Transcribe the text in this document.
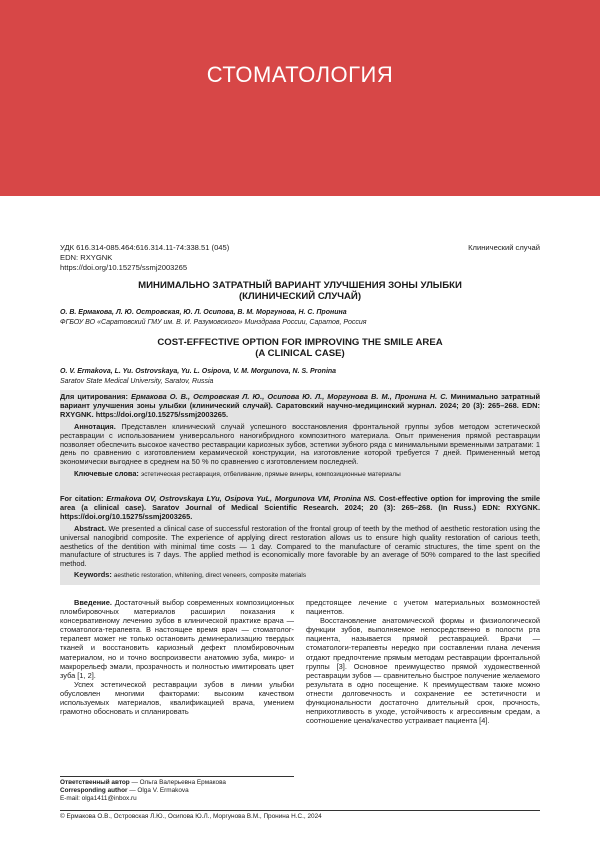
СТОМАТОЛОГИЯ
УДК 616.314-085.464:616.314.11-74:338.51 (045)
EDN: RXYGNK
https://doi.org/10.15275/ssmj2003265
Клинический случай
МИНИМАЛЬНО ЗАТРАТНЫЙ ВАРИАНТ УЛУЧШЕНИЯ ЗОНЫ УЛЫБКИ
(КЛИНИЧЕСКИЙ СЛУЧАЙ)
О. В. Ермакова, Л. Ю. Островская, Ю. Л. Осипова, В. М. Моргунова, Н. С. Пронина
ФГБОУ ВО «Саратовский ГМУ им. В. И. Разумовского» Минздрава России, Саратов, Россия
COST-EFFECTIVE OPTION FOR IMPROVING THE SMILE AREA
(A CLINICAL CASE)
O. V. Ermakova, L. Yu. Ostrovskaya, Yu. L. Osipova, V. M. Morgunova, N. S. Pronina
Saratov State Medical University, Saratov, Russia

Для цитирования: Ермакова О. В., Островская Л. Ю., Осипова Ю. Л., Моргунова В. М., Пронина Н. С. Минимально затратный вариант улучшения зоны улыбки (клинический случай). Саратовский научно-медицинский журнал. 2024; 20 (3): 265–268. EDN: RXYGNK. https://doi.org/10.15275/ssmj2003265.

Аннотация. Представлен клинический случай успешного восстановления фронтальной группы зубов методом эстетической реставрации с использованием универсального наногибридного композитного материала. Опыт применения прямой реставрации позволяет обеспечить высокое качество реставрации кариозных зубов, эстетики зубного ряда с минимальными временными затратами: 1 день по сравнению с изготовлением керамической конструкции, на изготовление которой требуется 7 дней. Примененный метод экономически выгоднее в среднем на 50 % по сравнению с изготовлением последней.

Ключевые слова: эстетическая реставрация, отбеливание, прямые виниры, композиционные материалы

For citation: Ermakova OV, Ostrovskaya LYu, Osipova YuL, Morgunova VM, Pronina NS. Cost-effective option for improving the smile area (a clinical case). Saratov Journal of Medical Scientific Research. 2024; 20 (3): 265–268. (In Russ.) EDN: RXYGNK. https://doi.org/10.15275/ssmj2003265.

Abstract. We presented a clinical case of successful restoration of the frontal group of teeth by the method of aesthetic restoration using the universal nanogibrid composite. The experience of applying direct restoration allows us to ensure high quality restoration of carious teeth, aesthetics of the dentition with minimal time costs — 1 day. Compared to the manufacture of ceramic structures, the time spent on the manufacture of structures is 7 days. The applied method is economically more favorable by an average of 50% compared to the last specified method.

Keywords: aesthetic restoration, whitening, direct veneers, composite materials

Введение. Достаточный выбор современных композиционных пломбировочных материалов расширил показания к консервативному лечению зубов в клинической практике врача — стоматолога-терапевта. В настоящее время врач — стоматолог-терапевт может не только остановить деминерализацию твердых тканей и восстановить кариозный дефект пломбировочным материалом, но и точно воспроизвести анатомию зуба, микро- и макрорельеф эмали, прозрачность и полностью имитировать цвет зуба [1, 2].

Успех эстетической реставрации зубов в линии улыбки обусловлен многими факторами: высоким качеством используемых материалов, квалификацией врача, умением грамотно обосновать и спланировать

предстоящее лечение с учетом материальных возможностей пациентов.

Восстановление анатомической формы и физиологической функции зубов, выполняемое непосредственно в полости рта пациента, называется прямой реставрацией. Врачи — стоматологи-терапевты нередко при составлении плана лечения отдают предпочтение прямым методам реставрации фронтальной группы [3]. Основное преимущество прямой художественной реставрации зубов — сравнительно быстрое получение желаемого результата в одно посещение. К преимуществам также можно отнести долговечность и сохранение ее эстетичности и функциональности достаточно длительный срок, прочность, неприхотливость в уходе, устойчивость к агрессивным средам, а соотношение цена/качество устраивает пациента [4].

Ответственный автор — Ольга Валерьевна Ермакова
Corresponding author — Olga V. Ermakova
E-mail: olga1411@inbox.ru
© Ермакова О.В., Островская Л.Ю., Осипова Ю.Л., Моргунова В.М., Пронина Н.С., 2024
